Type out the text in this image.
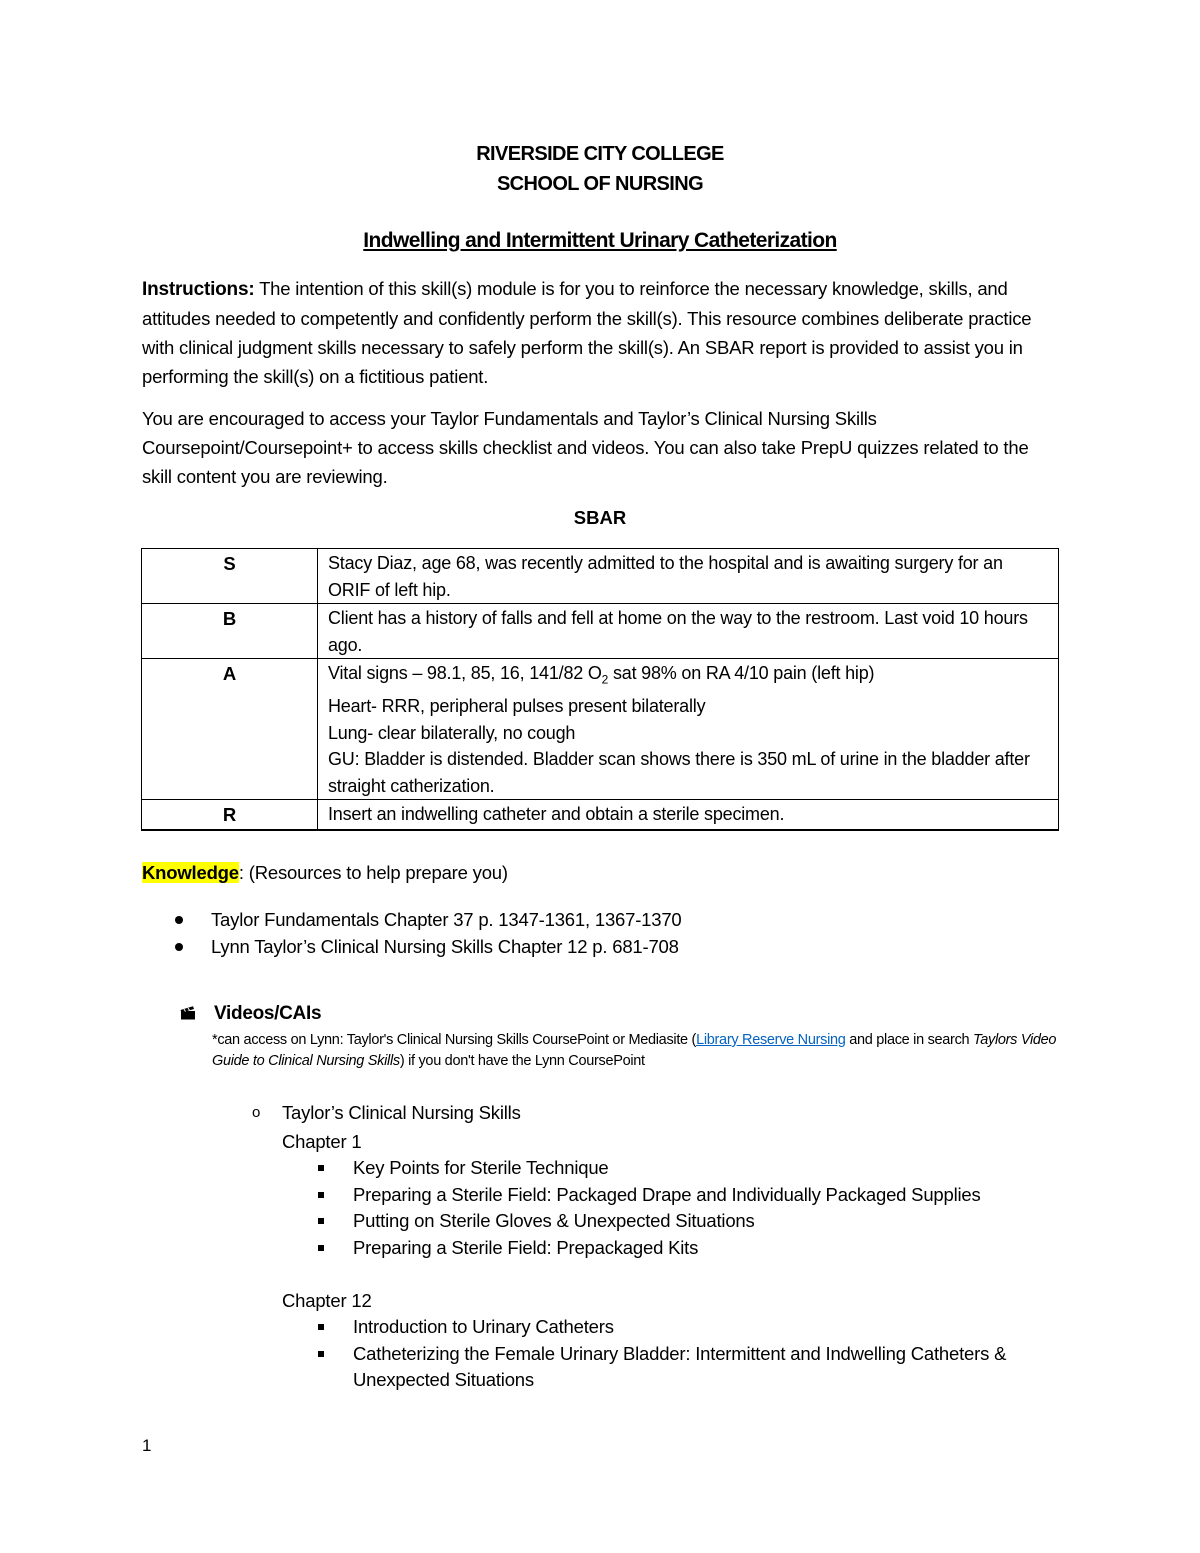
RIVERSIDE CITY COLLEGE
SCHOOL OF NURSING
Indwelling and Intermittent Urinary Catheterization
Instructions: The intention of this skill(s) module is for you to reinforce the necessary knowledge, skills, and attitudes needed to competently and confidently perform the skill(s). This resource combines deliberate practice with clinical judgment skills necessary to safely perform the skill(s). An SBAR report is provided to assist you in performing the skill(s) on a fictitious patient.
You are encouraged to access your Taylor Fundamentals and Taylor’s Clinical Nursing Skills Coursepoint/Coursepoint+ to access skills checklist and videos. You can also take PrepU quizzes related to the skill content you are reviewing.
SBAR
S	Stacy Diaz, age 68, was recently admitted to the hospital and is awaiting surgery for an ORIF of left hip.
B	Client has a history of falls and fell at home on the way to the restroom. Last void 10 hours ago.
A	Vital signs – 98.1, 85, 16, 141/82 $O_2$ sat 98% on RA 4/10 pain (left hip)
Heart- RRR, peripheral pulses present bilaterally
Lung- clear bilaterally, no cough
GU: Bladder is distended. Bladder scan shows there is 350 mL of urine in the bladder after straight catherization.

R	Insert an indwelling catheter and obtain a sterile specimen.
Knowledge: (Resources to help prepare you)
Taylor Fundamentals Chapter 37 p. 1347-1361, 1367-1370
Lynn Taylor’s Clinical Nursing Skills Chapter 12 p. 681-708
Videos/CAIs
*can access on Lynn: Taylor's Clinical Nursing Skills CoursePoint or Mediasite (Library Reserve Nursing and place in search Taylors Video Guide to Clinical Nursing Skills) if you don't have the Lynn CoursePoint
o Taylor’s Clinical Nursing Skills
Chapter 1
Key Points for Sterile Technique
Preparing a Sterile Field: Packaged Drape and Individually Packaged Supplies
Putting on Sterile Gloves & Unexpected Situations
Preparing a Sterile Field: Prepackaged Kits
Chapter 12
Introduction to Urinary Catheters
Catheterizing the Female Urinary Bladder: Intermittent and Indwelling Catheters & Unexpected Situations
1
